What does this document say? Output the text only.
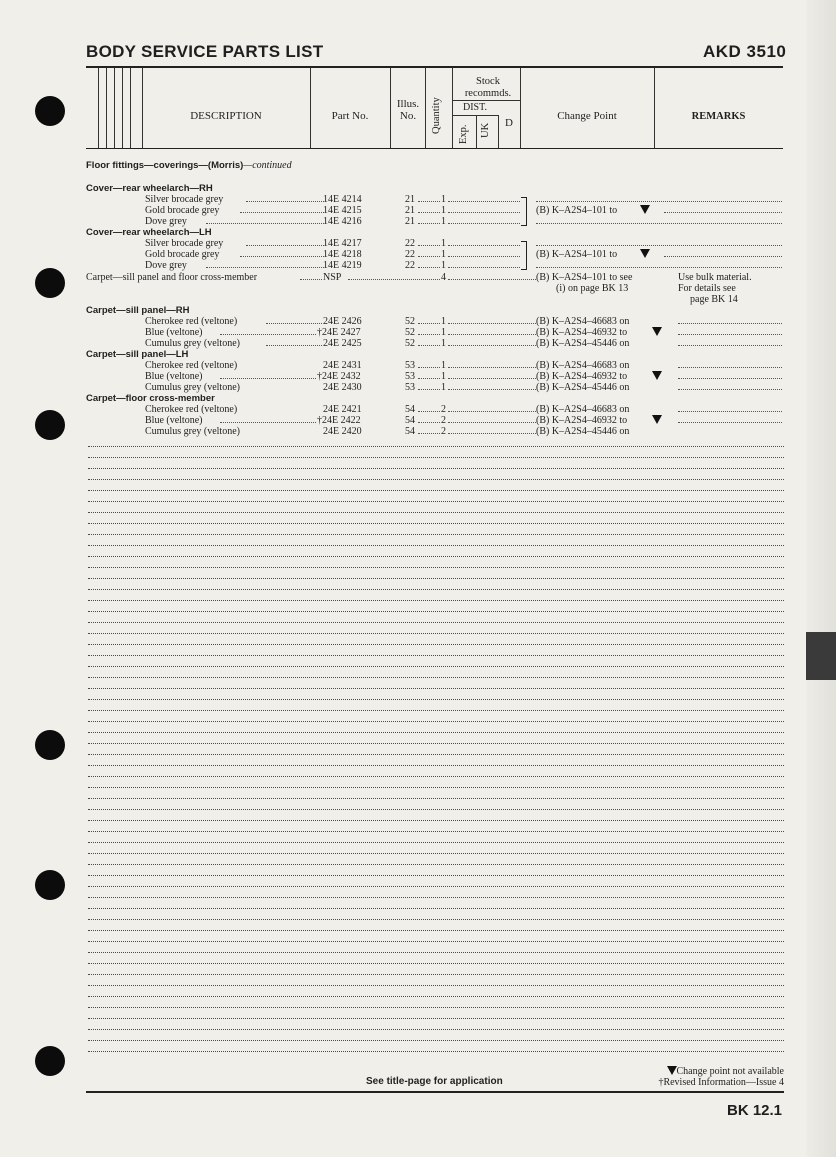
BODY SERVICE PARTS LIST	AKD 3510
DESCRIPTION	Part No.
Illus. No.	Quantity
Stock recommds.
DIST.
Exp. UK	D
Change Point	REMARKS
Floor fittings—coverings—(Morris)—continued
Cover—rear wheelarch—RH
Silver brocade grey	14E 4214	21	1
Gold brocade grey	14E 4215	21	1	(B) K–A2S4–101 to
Dove grey	14E 4216	21	1
Cover—rear wheelarch—LH
Silver brocade grey	14E 4217	22	1
Gold brocade grey	14E 4218	22	1	(B) K–A2S4–101 to
Dove grey	14E 4219	22	1
Carpet—sill panel and floor cross-member	NSP	4	(B) K–A2S4–101 to see	Use bulk material.
(i) on page BK 13	For details see
page BK 14
Carpet—sill panel—RH
Cherokee red (veltone)	24E 2426	52	1	(B) K–A2S4–46683 on
Blue (veltone)	†24E 2427	52	1	(B) K–A2S4–46932 to
Cumulus grey (veltone)	24E 2425	52	1	(B) K–A2S4–45446 on
Carpet—sill panel—LH
Cherokee red (veltone)	24E 2431	53	1	(B) K–A2S4–46683 on
Blue (veltone)	†24E 2432	53	1	(B) K–A2S4–46932 to
Cumulus grey (veltone)	24E 2430	53	1	(B) K–A2S4–45446 on
Carpet—floor cross-member
Cherokee red (veltone)	24E 2421	54	2	(B) K–A2S4–46683 on
Blue (veltone)	†24E 2422	54	2	(B) K–A2S4–46932 to
Cumulus grey (veltone)	24E 2420	54	2	(B) K–A2S4–45446 on
See title-page for application
Change point not available
†Revised Information—Issue 4
BK 12.1
